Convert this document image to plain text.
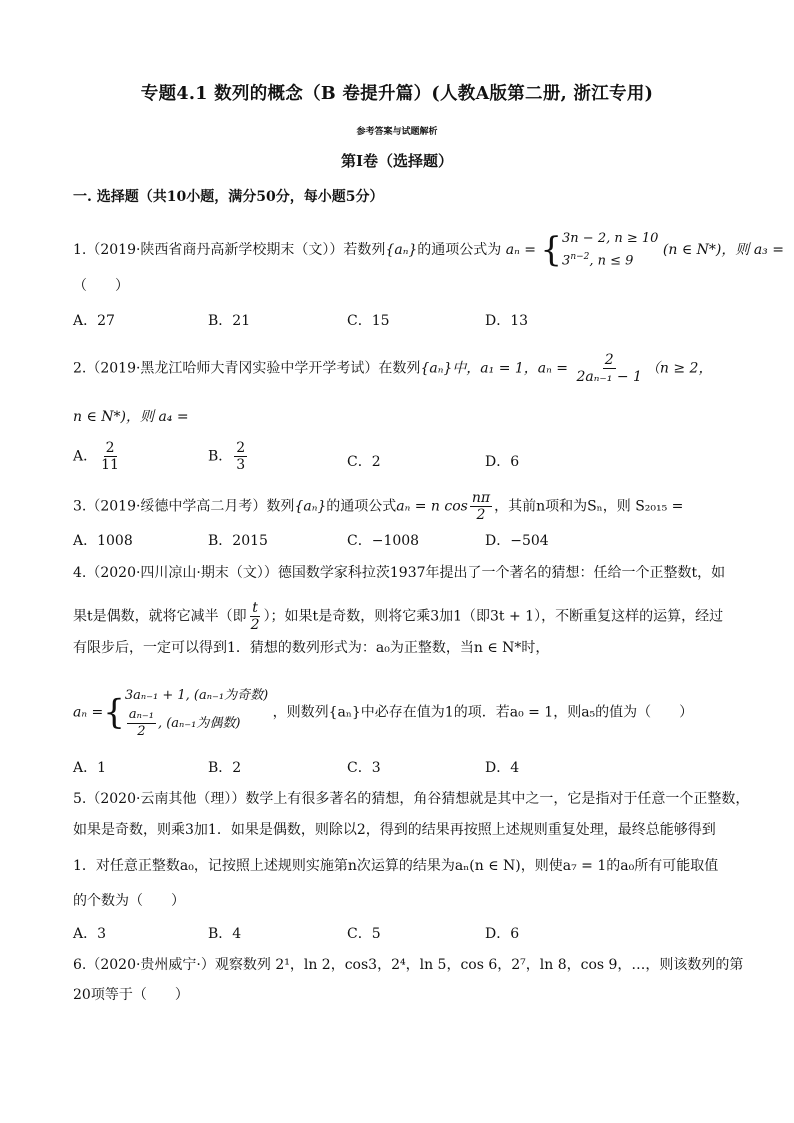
专题4.1 数列的概念（B 卷提升篇）(人教A版第二册, 浙江专用)
参考答案与试题解析
第I卷（选择题）
一. 选择题（共10小题，满分50分，每小题5分）
1.（2019·陕西省商丹高新学校期末（文））若数列{aₙ}的通项公式为 aₙ = { 3n − 2, n ≥ 10
$3^{n-2}$, n ≤ 9
(n ∈ N*)，则 a₃ =
（　　）
A．27	B．21	C．15	D．13
2.（2019·黑龙江哈师大青冈实验中学开学考试）在数列{aₙ}中，a₁ = 1，$a_n = \frac{2}{\text{2aₙ₋₁ − 1}} (n \ge 2$，
n ∈ N*)，则 a₄ =
A． $\frac{2}{11}$	B． $\frac{2}{3}$	C．2	D．6
3.（2019·绥德中学高二月考）数列{aₙ}的通项公式aₙ = n $\cos \frac{n\pi}{2}$ ，其前n项和为Sₙ，则 S₂₀₁₅ =
A．1008	B．2015	C．−1008	D．−504
4.（2020·四川凉山·期末（文））德国数学家科拉茨1937年提出了一个著名的猜想：任给一个正整数t，如
果t是偶数，就将它减半（即 $\frac{t}{2}$ ）；如果t是奇数，则将它乘3加1（即3t + 1），不断重复这样的运算，经过
有限步后，一定可以得到1．猜想的数列形式为：a₀为正整数，当n ∈ N*时，
aₙ ={ 3aₙ₋₁ + 1, (aₙ₋₁为奇数)
$\frac{\text{aₙ₋₁}}{2}$ , (aₙ₋₁为偶数)
，则数列{aₙ}中必存在值为1的项．若a₀ = 1，则a₅的值为（　　）
A．1	B．2	C．3	D．4
5.（2020·云南其他（理））数学上有很多著名的猜想，角谷猜想就是其中之一，它是指对于任意一个正整数，
如果是奇数，则乘3加1．如果是偶数，则除以2，得到的结果再按照上述规则重复处理，最终总能够得到
1．对任意正整数a₀，记按照上述规则实施第n次运算的结果为aₙ(n ∈ N)，则使a₇ = 1的a₀所有可能取值
的个数为（　　）
A．3	B．4	C．5	D．6
6.（2020·贵州威宁·）观察数列 2¹，ln 2，cos3，2⁴，ln 5，cos 6，2⁷，ln 8，cos 9，…，则该数列的第
20项等于（　　）
